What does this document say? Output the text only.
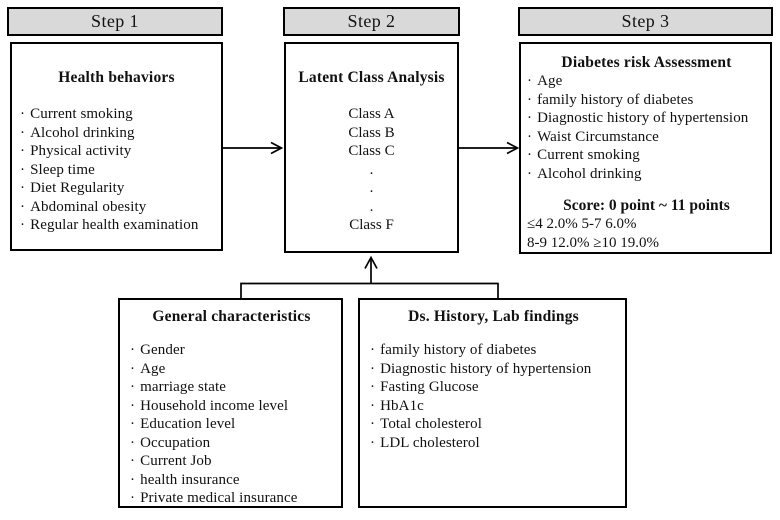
Step 1	Step 2	Step 3
Health behaviors
· Current smoking
· Alcohol drinking
· Physical activity
· Sleep time
· Diet Regularity
· Abdominal obesity
· Regular health examination
Latent Class Analysis
Class A
Class B
Class C
.
.
.
Class F
Diabetes risk Assessment
· Age
· family history of diabetes
· Diagnostic history of hypertension
· Waist Circumstance
· Current smoking
· Alcohol drinking
Score: 0 point ~ 11 points
≤4 2.0% 5-7 6.0%
8-9 12.0% ≥10 19.0%
General characteristics
· Gender
· Age
· marriage state
· Household income level
· Education level
· Occupation
· Current Job
· health insurance
· Private medical insurance
Ds. History, Lab findings
· family history of diabetes
· Diagnostic history of hypertension
· Fasting Glucose
· HbA1c
· Total cholesterol
· LDL cholesterol
